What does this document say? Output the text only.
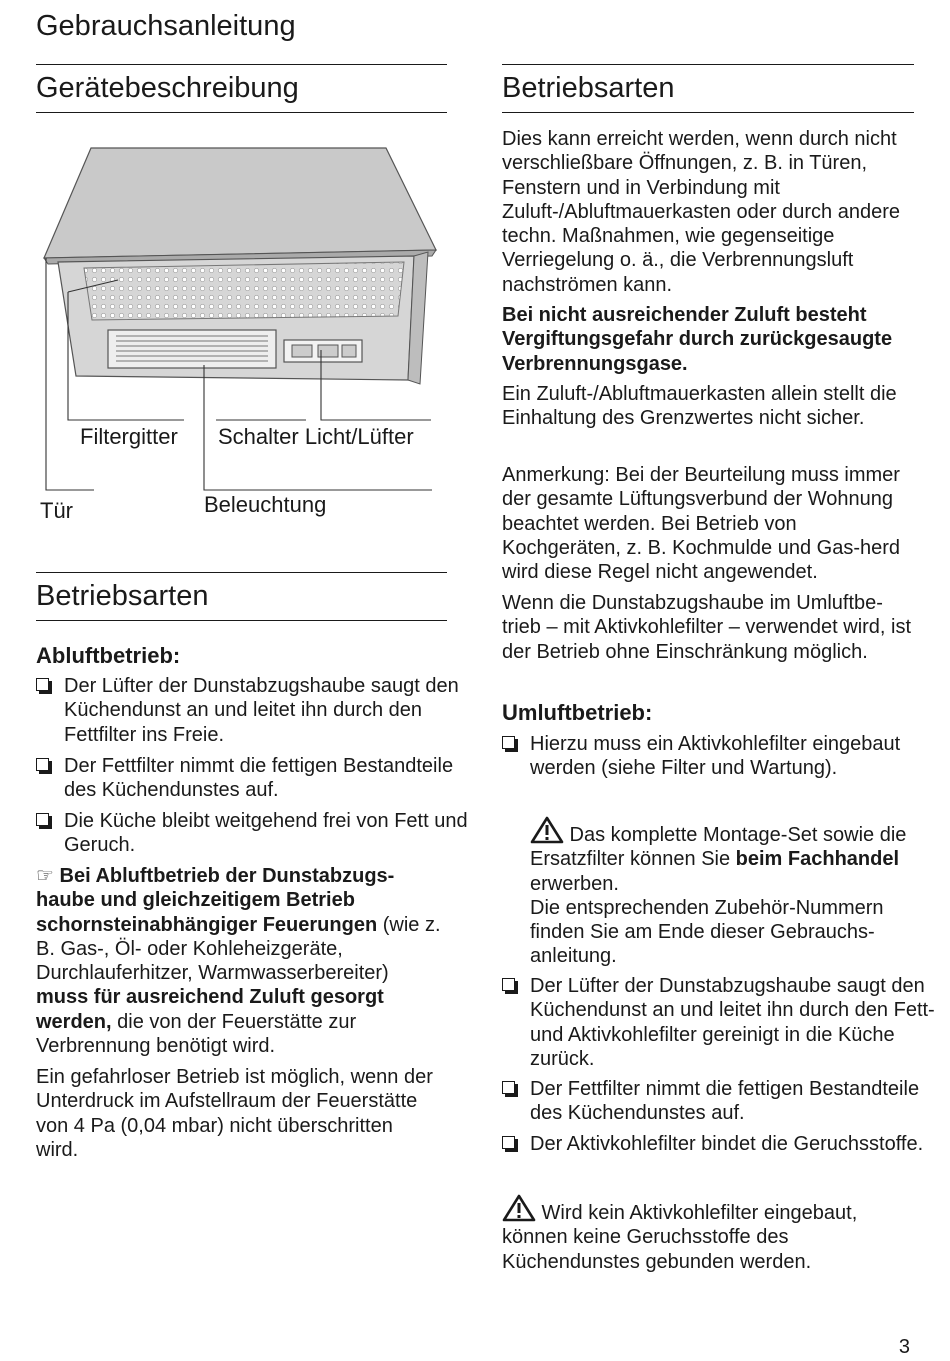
Gebrauchsanleitung
Gerätebeschreibung
Filtergitter Schalter Licht/Lüfter
Tür	Beleuchtung
Betriebsarten
Abluftbetrieb:
Der Lüfter der Dunstabzugshaube saugt den Küchendunst an und leitet ihn durch den Fettfilter ins Freie.
Der Fettfilter nimmt die fettigen Bestandteile des Küchendunstes auf.
Die Küche bleibt weitgehend frei von Fett und Geruch.

☞ Bei Abluftbetrieb der Dunstabzugs-haube und gleichzeitigem Betrieb schornsteinabhängiger Feuerungen (wie z. B. Gas-, Öl- oder Kohleheizgeräte, Durchlauferhitzer, Warmwasserbereiter) muss für ausreichend Zuluft gesorgt werden, die von der Feuerstätte zur Verbrennung benötigt wird.

Ein gefahrloser Betrieb ist möglich, wenn der Unterdruck im Aufstellraum der Feuerstätte von 4 Pa (0,04 mbar) nicht überschritten wird.

Betriebsarten

Dies kann erreicht werden, wenn durch nicht verschließbare Öffnungen, z. B. in Türen, Fenstern und in Verbindung mit Zuluft-/Abluftmauerkasten oder durch andere techn. Maßnahmen, wie gegenseitige Verriegelung o. ä., die Verbrennungsluft nachströmen kann.

Bei nicht ausreichender Zuluft besteht Vergiftungsgefahr durch zurückgesaugte Verbrennungsgase.

Ein Zuluft-/Abluftmauerkasten allein stellt die Einhaltung des Grenzwertes nicht sicher.

Anmerkung: Bei der Beurteilung muss immer der gesamte Lüftungsverbund der Wohnung beachtet werden. Bei Betrieb von Kochgeräten, z. B. Kochmulde und Gas-herd wird diese Regel nicht angewendet.

Wenn die Dunstabzugshaube im Umluftbe-trieb – mit Aktivkohlefilter – verwendet wird, ist der Betrieb ohne Einschränkung möglich.

Umluftbetrieb:
Hierzu muss ein Aktivkohlefilter eingebaut werden (siehe Filter und Wartung).
Das komplette Montage-Set sowie die Ersatzfilter können Sie beim Fachhandel erwerben.
Die entsprechenden Zubehör-Nummern finden Sie am Ende dieser Gebrauchs-anleitung.
Der Lüfter der Dunstabzugshaube saugt den Küchendunst an und leitet ihn durch den Fett- und Aktivkohlefilter gereinigt in die Küche zurück.
Der Fettfilter nimmt die fettigen Bestandteile des Küchendunstes auf.
Der Aktivkohlefilter bindet die Geruchsstoffe.
Wird kein Aktivkohlefilter eingebaut, können keine Geruchsstoffe des Küchendunstes gebunden werden.
3
